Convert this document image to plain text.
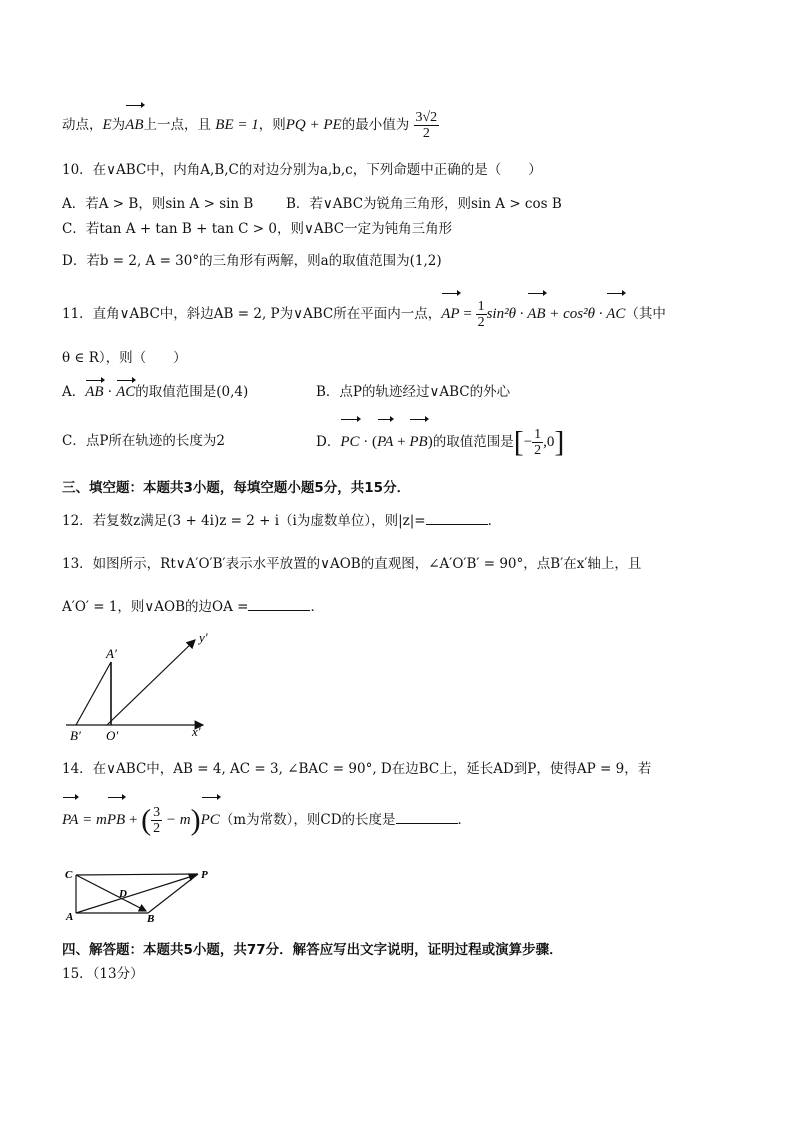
动点，E为AB上一点，且 BE = 1，则PQ + PE的最小值为 $\frac{3√2}{2}$
10．在∨ABC中，内角A,B,C的对边分别为a,b,c，下列命题中正确的是（　　）
A．若A > B，则sin A > sin B B．若∨ABC为锐角三角形，则sin A > cos B
C．若tan A + tan B + tan C > 0，则∨ABC一定为钝角三角形
D．若b = 2, A = 30°的三角形有两解，则a的取值范围为(1,2)
11．直角∨ABC中，斜边AB = 2, P为∨ABC所在平面内一点，AP = $\frac{1}{2} \sin^2\theta$ · AB + cos²θ · AC（其中
θ ∈ R），则（　　）
A．AB · AC的取值范围是(0,4)	B．点P的轨迹经过∨ABC的外心
C．点P所在轨迹的长度为2	D．PC · (PA + PB)的取值范围是[− $\frac{1}{2} ,0$]
三、填空题：本题共3小题，每填空题小题5分，共15分．
12．若复数z满足(3 + 4i)z = 2 + i（i为虚数单位），则|z|=	．
13．如图所示，Rt∨A′O′B′表示水平放置的∨AOB的直观图，∠A′O′B′ = 90°，点B′在x′轴上，且
A′O′ = 1，则∨AOB的边OA =	．
A′
B′ O′	x′
y′
14．在∨ABC中，AB = 4, AC = 3, ∠BAC = 90°, D在边BC上，延长AD到P，使得AP = 9，若
PA = mPB + ( $\frac{3}{2} - m)PC(m$为常数），则CD的长度是	．
C	P
D
A	B
四、解答题：本题共5小题，共77分．解答应写出文字说明，证明过程或演算步骤．
15．（13分）
